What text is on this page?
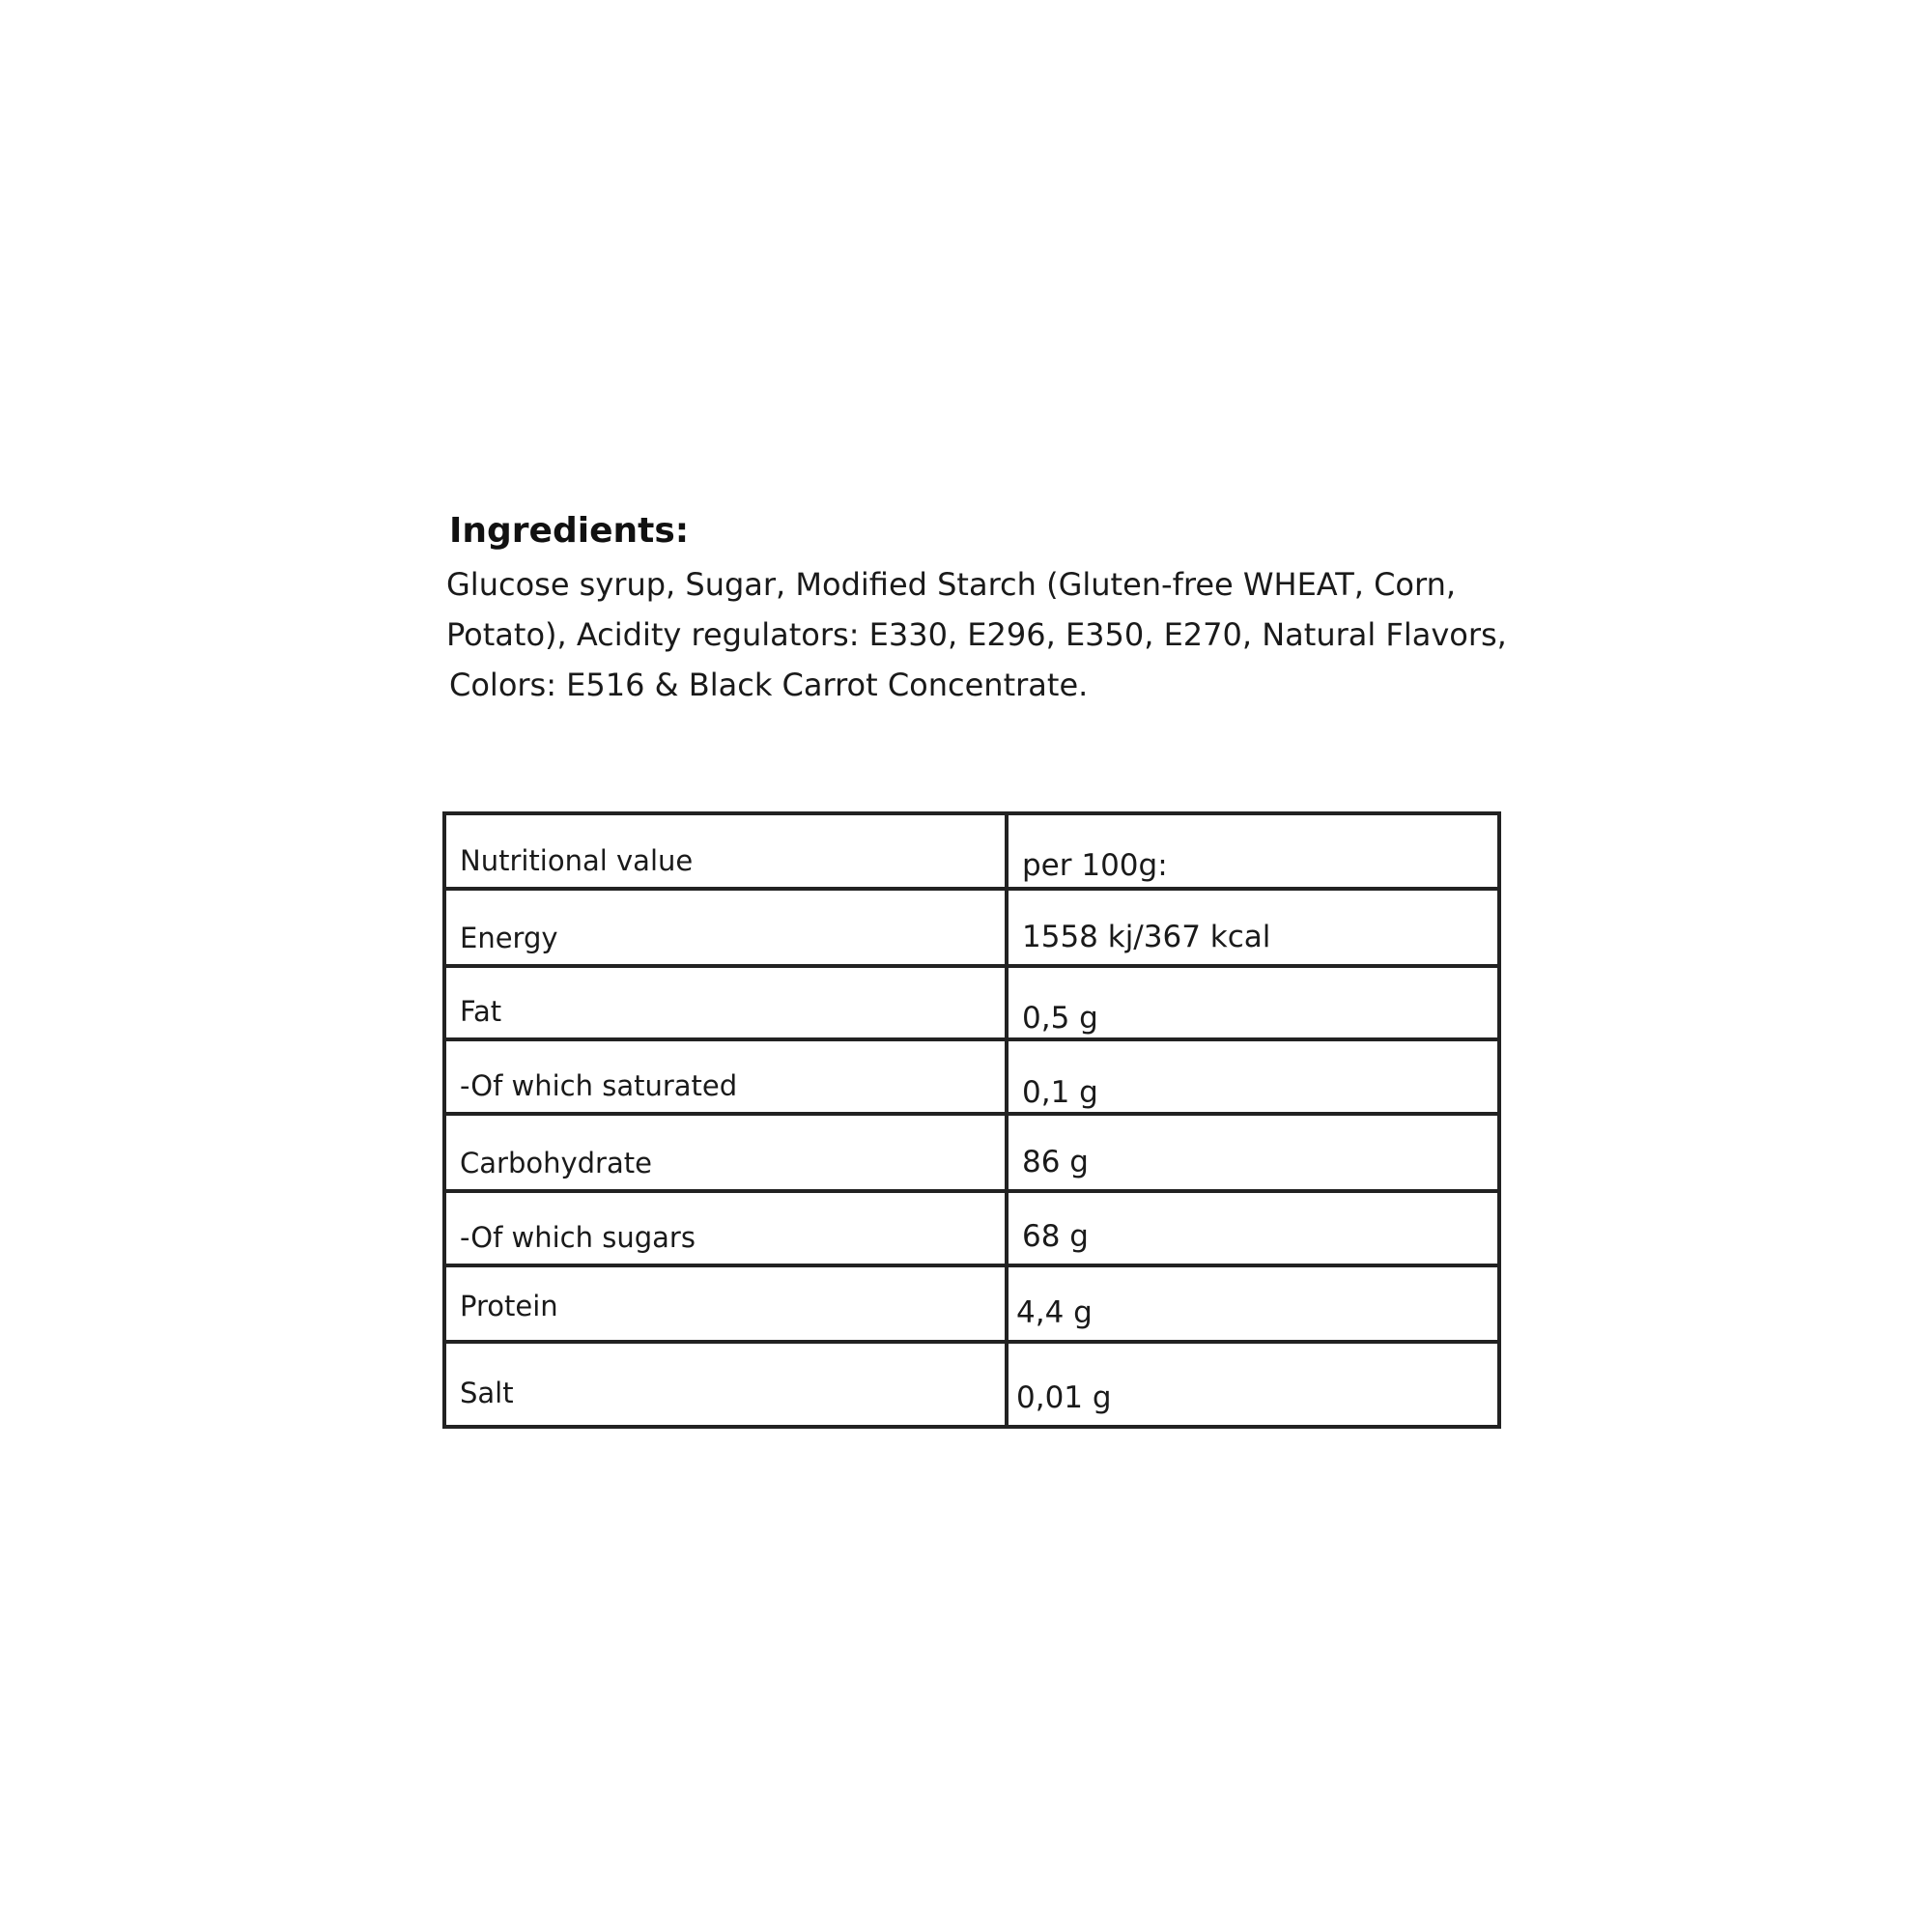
Ingredients:

Glucose syrup, Sugar, Modified Starch (Gluten-free WHEAT, Corn,

Potato), Acidity regulators: E330, E296, E350, E270, Natural Flavors,

Colors: E516 & Black Carrot Concentrate.

Nutritional value	per 100g:
Energy	1558 kj/367 kcal
Fat	0,5 g
-Of which saturated	0,1 g
Carbohydrate	86 g
-Of which sugars	68 g
Protein	4,4 g
Salt	0,01 g
